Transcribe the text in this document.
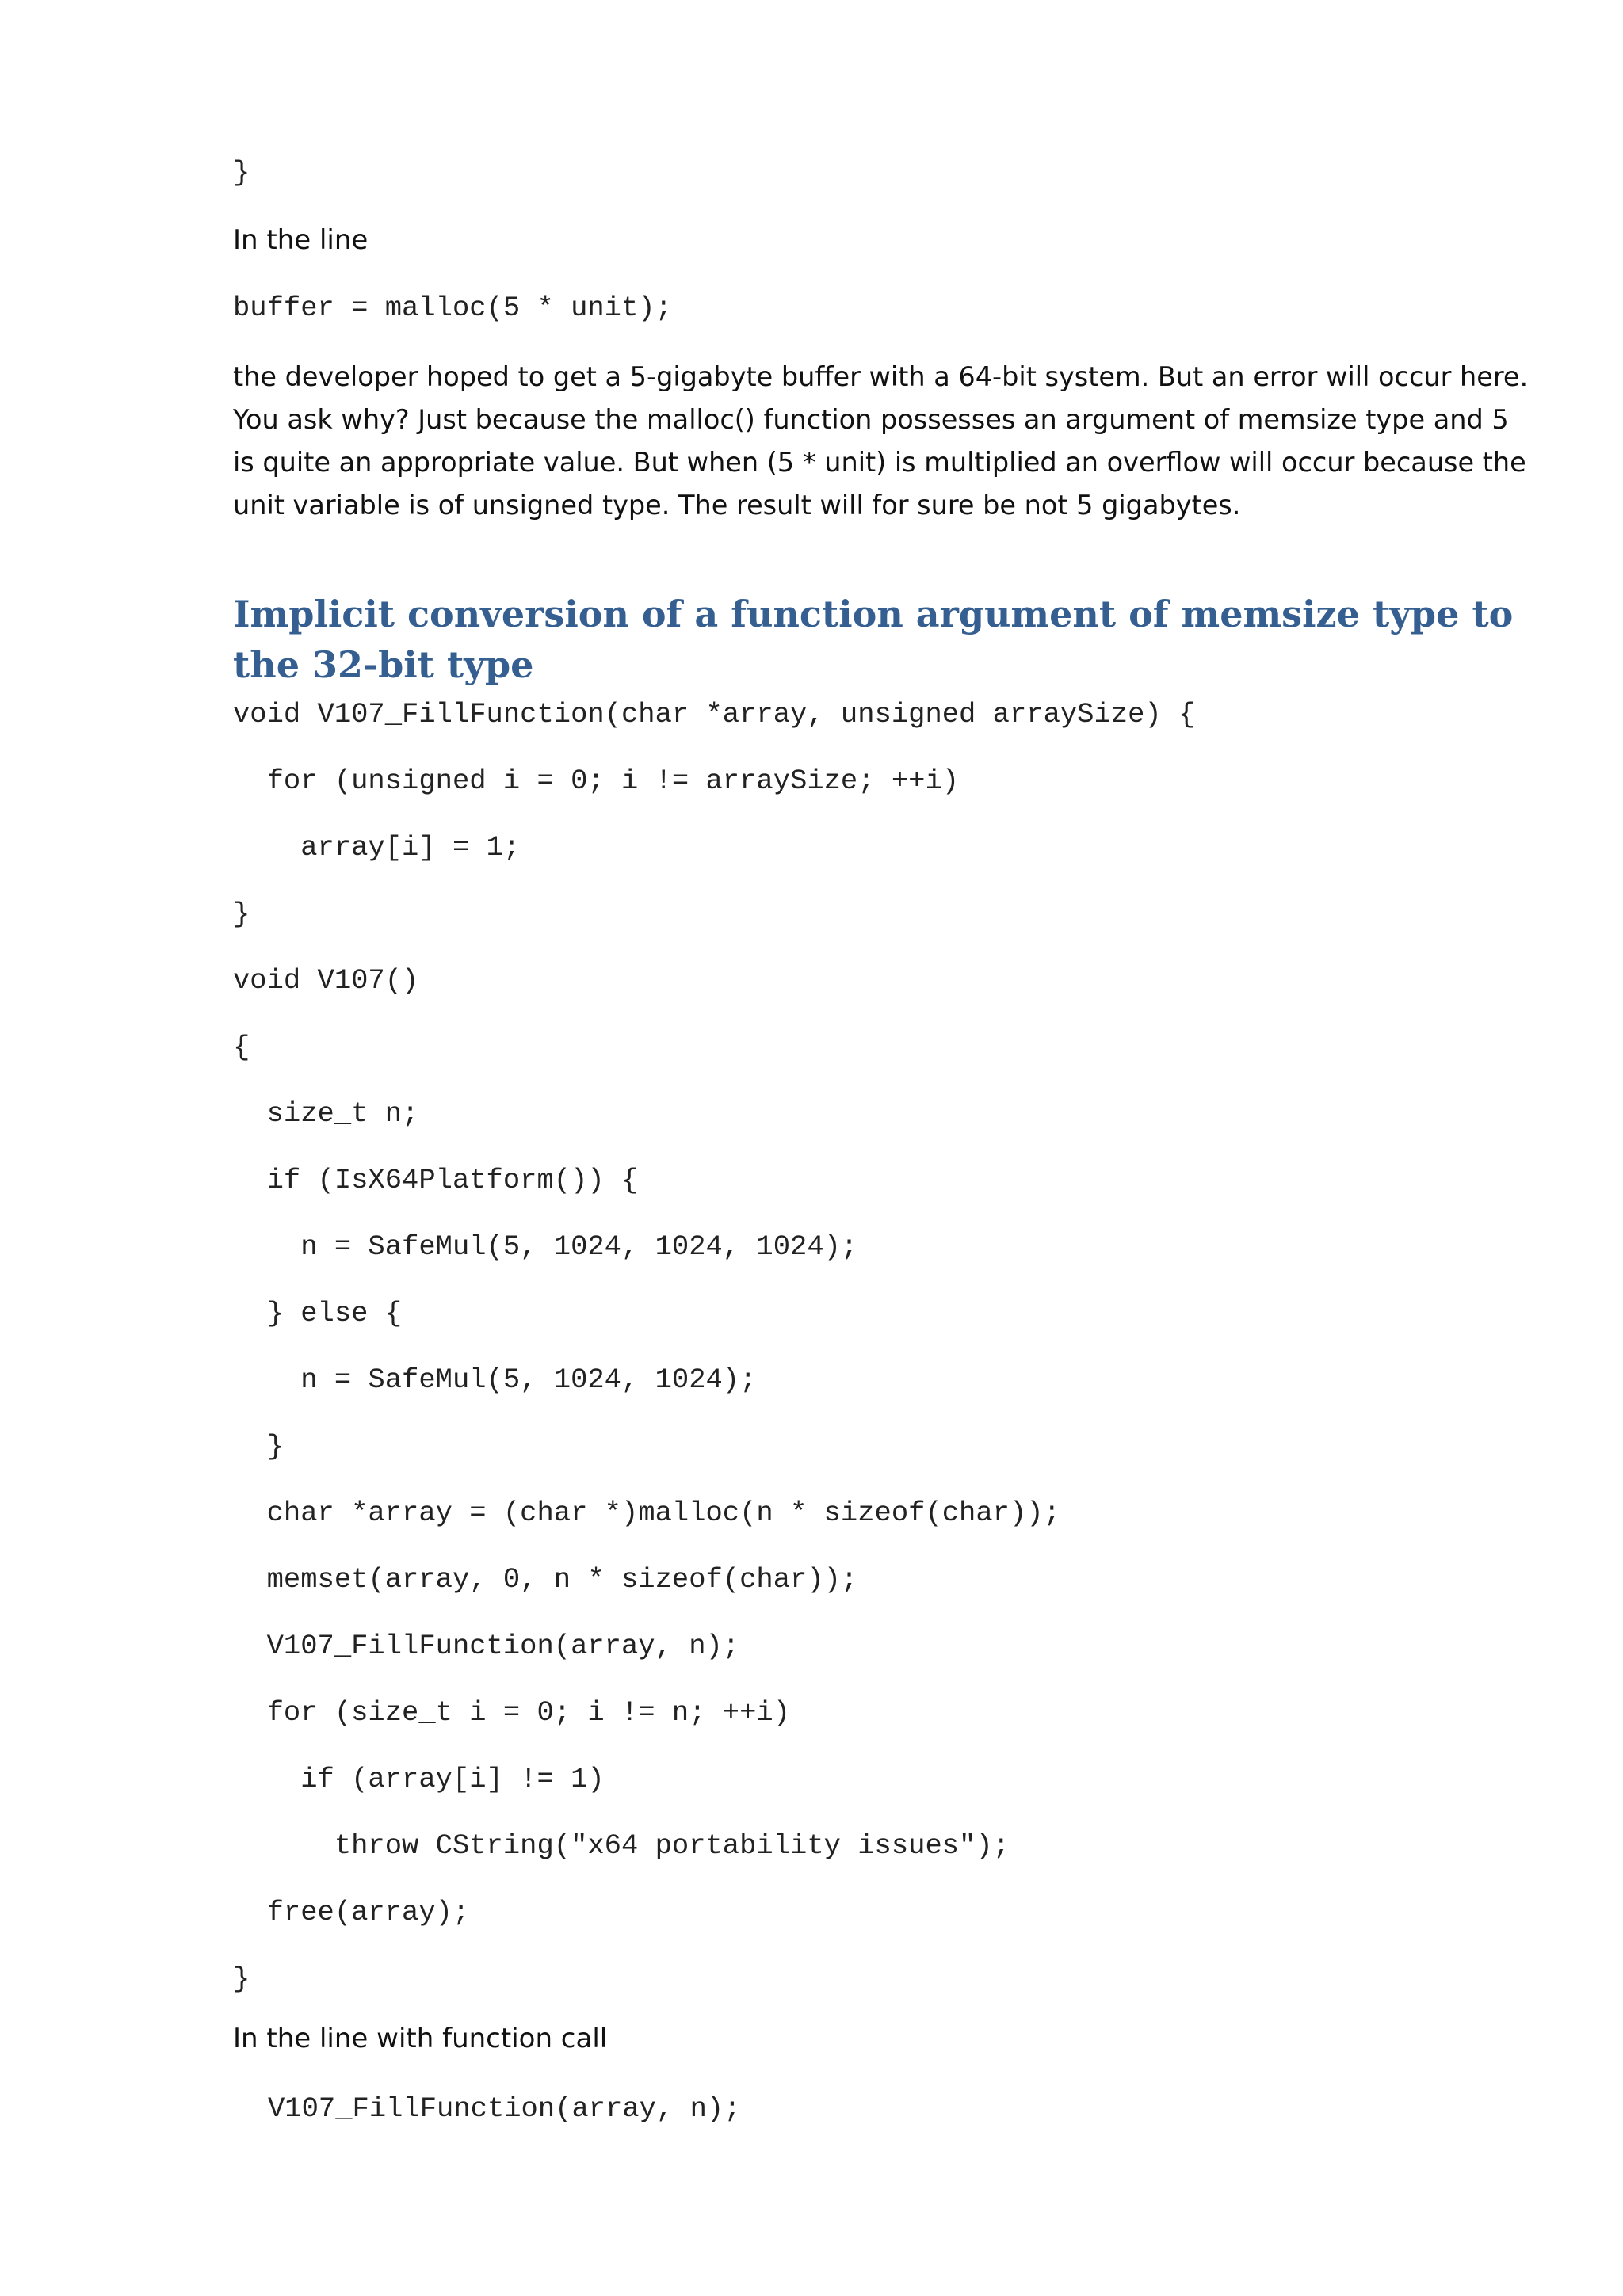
}

In the line

buffer = malloc(5 * unit);

the developer hoped to get a 5-gigabyte buffer with a 64-bit system. But an error will occur here. You ask why? Just because the malloc() function possesses an argument of memsize type and 5 is quite an appropriate value. But when (5 * unit) is multiplied an overflow will occur because the unit variable is of unsigned type. The result will for sure be not 5 gigabytes.

Implicit conversion of a function argument of memsize type to the 32-bit type
void V107_FillFunction(char *array, unsigned arraySize) {
for (unsigned i = 0; i != arraySize; ++i)
array[i] = 1;
}
void V107()
{
size_t n;
if (IsX64Platform()) {
n = SafeMul(5, 1024, 1024, 1024);
} else {
n = SafeMul(5, 1024, 1024);
}
char *array = (char *)malloc(n * sizeof(char));
memset(array, 0, n * sizeof(char));
V107_FillFunction(array, n);
for (size_t i = 0; i != n; ++i)
if (array[i] != 1)
throw CString("x64 portability issues");
free(array);
}

In the line with function call

V107_FillFunction(array, n);
